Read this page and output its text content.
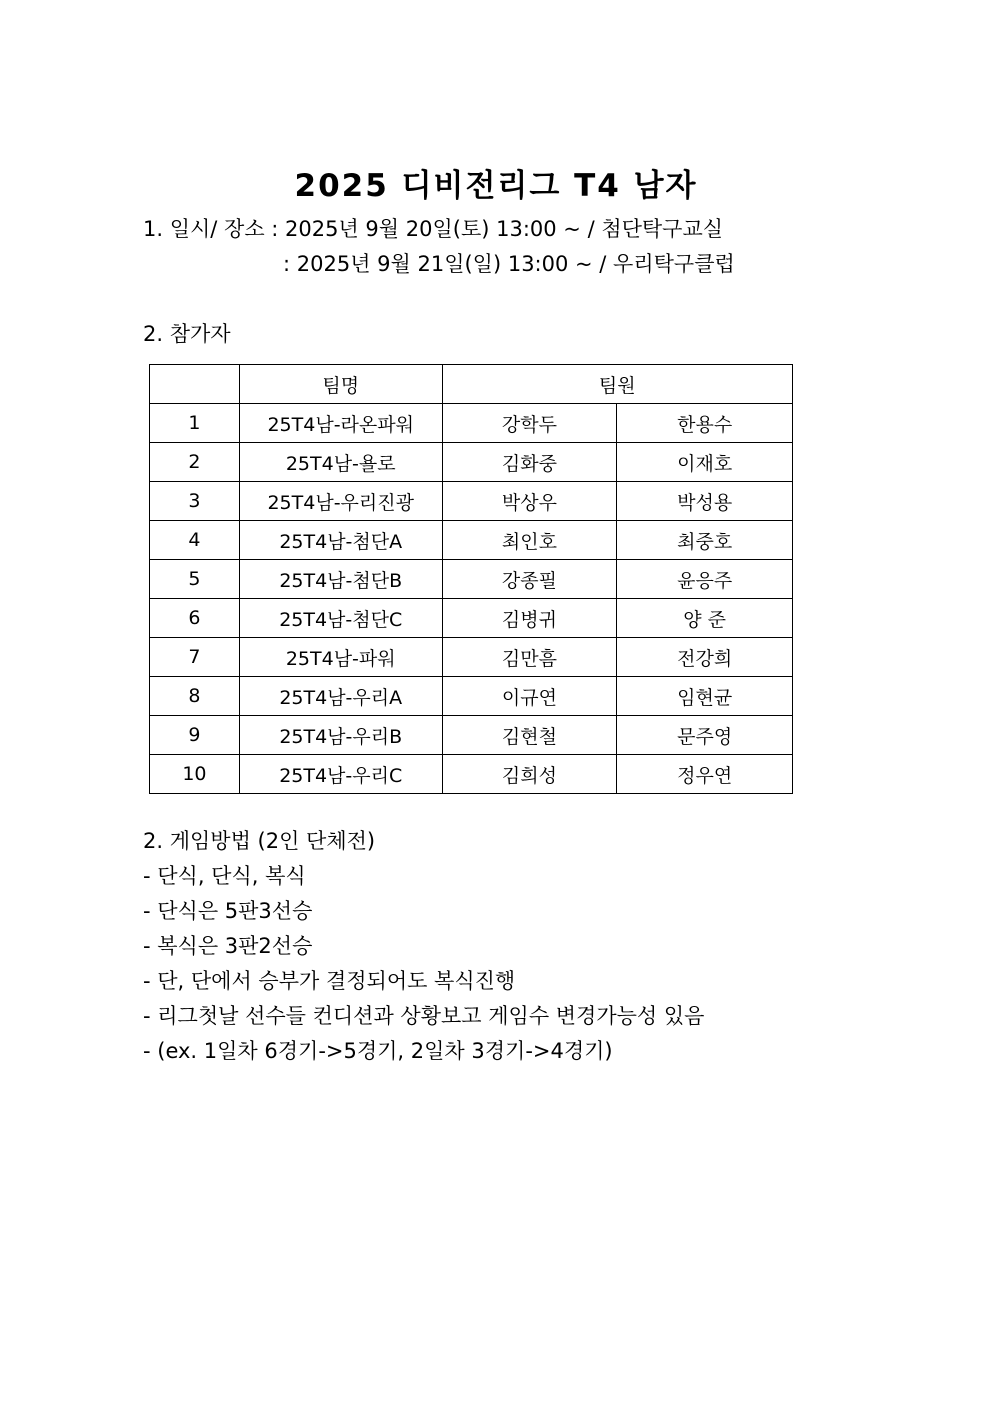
2025 디비전리그 T4 남자
1. 일시/ 장소 : 2025년 9월 20일(토) 13:00 ~ / 첨단탁구교실
: 2025년 9월 21일(일) 13:00 ~ / 우리탁구클럽
2. 참가자
	팀명	팀원	
1	25T4남-라온파워	강학두	한용수
2	25T4남-욜로	김화중	이재호
3	25T4남-우리진광	박상우	박성용
4	25T4남-첨단A	최인호	최중호
5	25T4남-첨단B	강종필	윤응주
6	25T4남-첨단C	김병귀	양 준
7	25T4남-파워	김만흠	전강희
8	25T4남-우리A	이규연	임현균
9	25T4남-우리B	김현철	문주영
10	25T4남-우리C	김희성	정우연
2. 게임방법 (2인 단체전)
- 단식, 단식, 복식
- 단식은 5판3선승
- 복식은 3판2선승
- 단, 단에서 승부가 결정되어도 복식진행
- 리그첫날 선수들 컨디션과 상황보고 게임수 변경가능성 있음
- (ex. 1일차 6경기->5경기, 2일차 3경기->4경기)
